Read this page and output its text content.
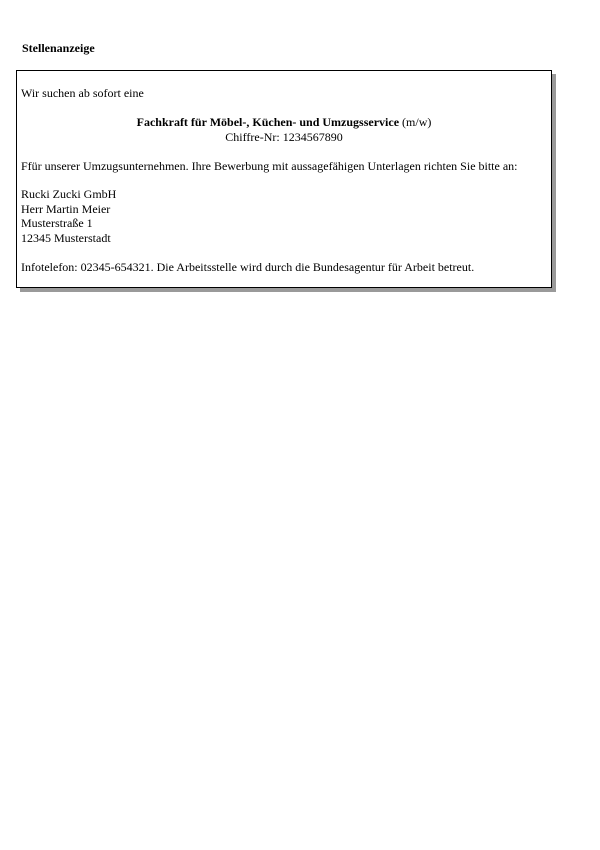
Stellenanzeige

Wir suchen ab sofort eine

Fachkraft für Möbel-, Küchen- und Umzugsservice (m/w)

Chiffre-Nr: 1234567890

Ffür unserer Umzugsunternehmen. Ihre Bewerbung mit aussagefähigen Unterlagen richten Sie bitte an:

Rucki Zucki GmbH
Herr Martin Meier
Musterstraße 1
12345 Musterstadt

Infotelefon: 02345-654321. Die Arbeitsstelle wird durch die Bundesagentur für Arbeit betreut.
